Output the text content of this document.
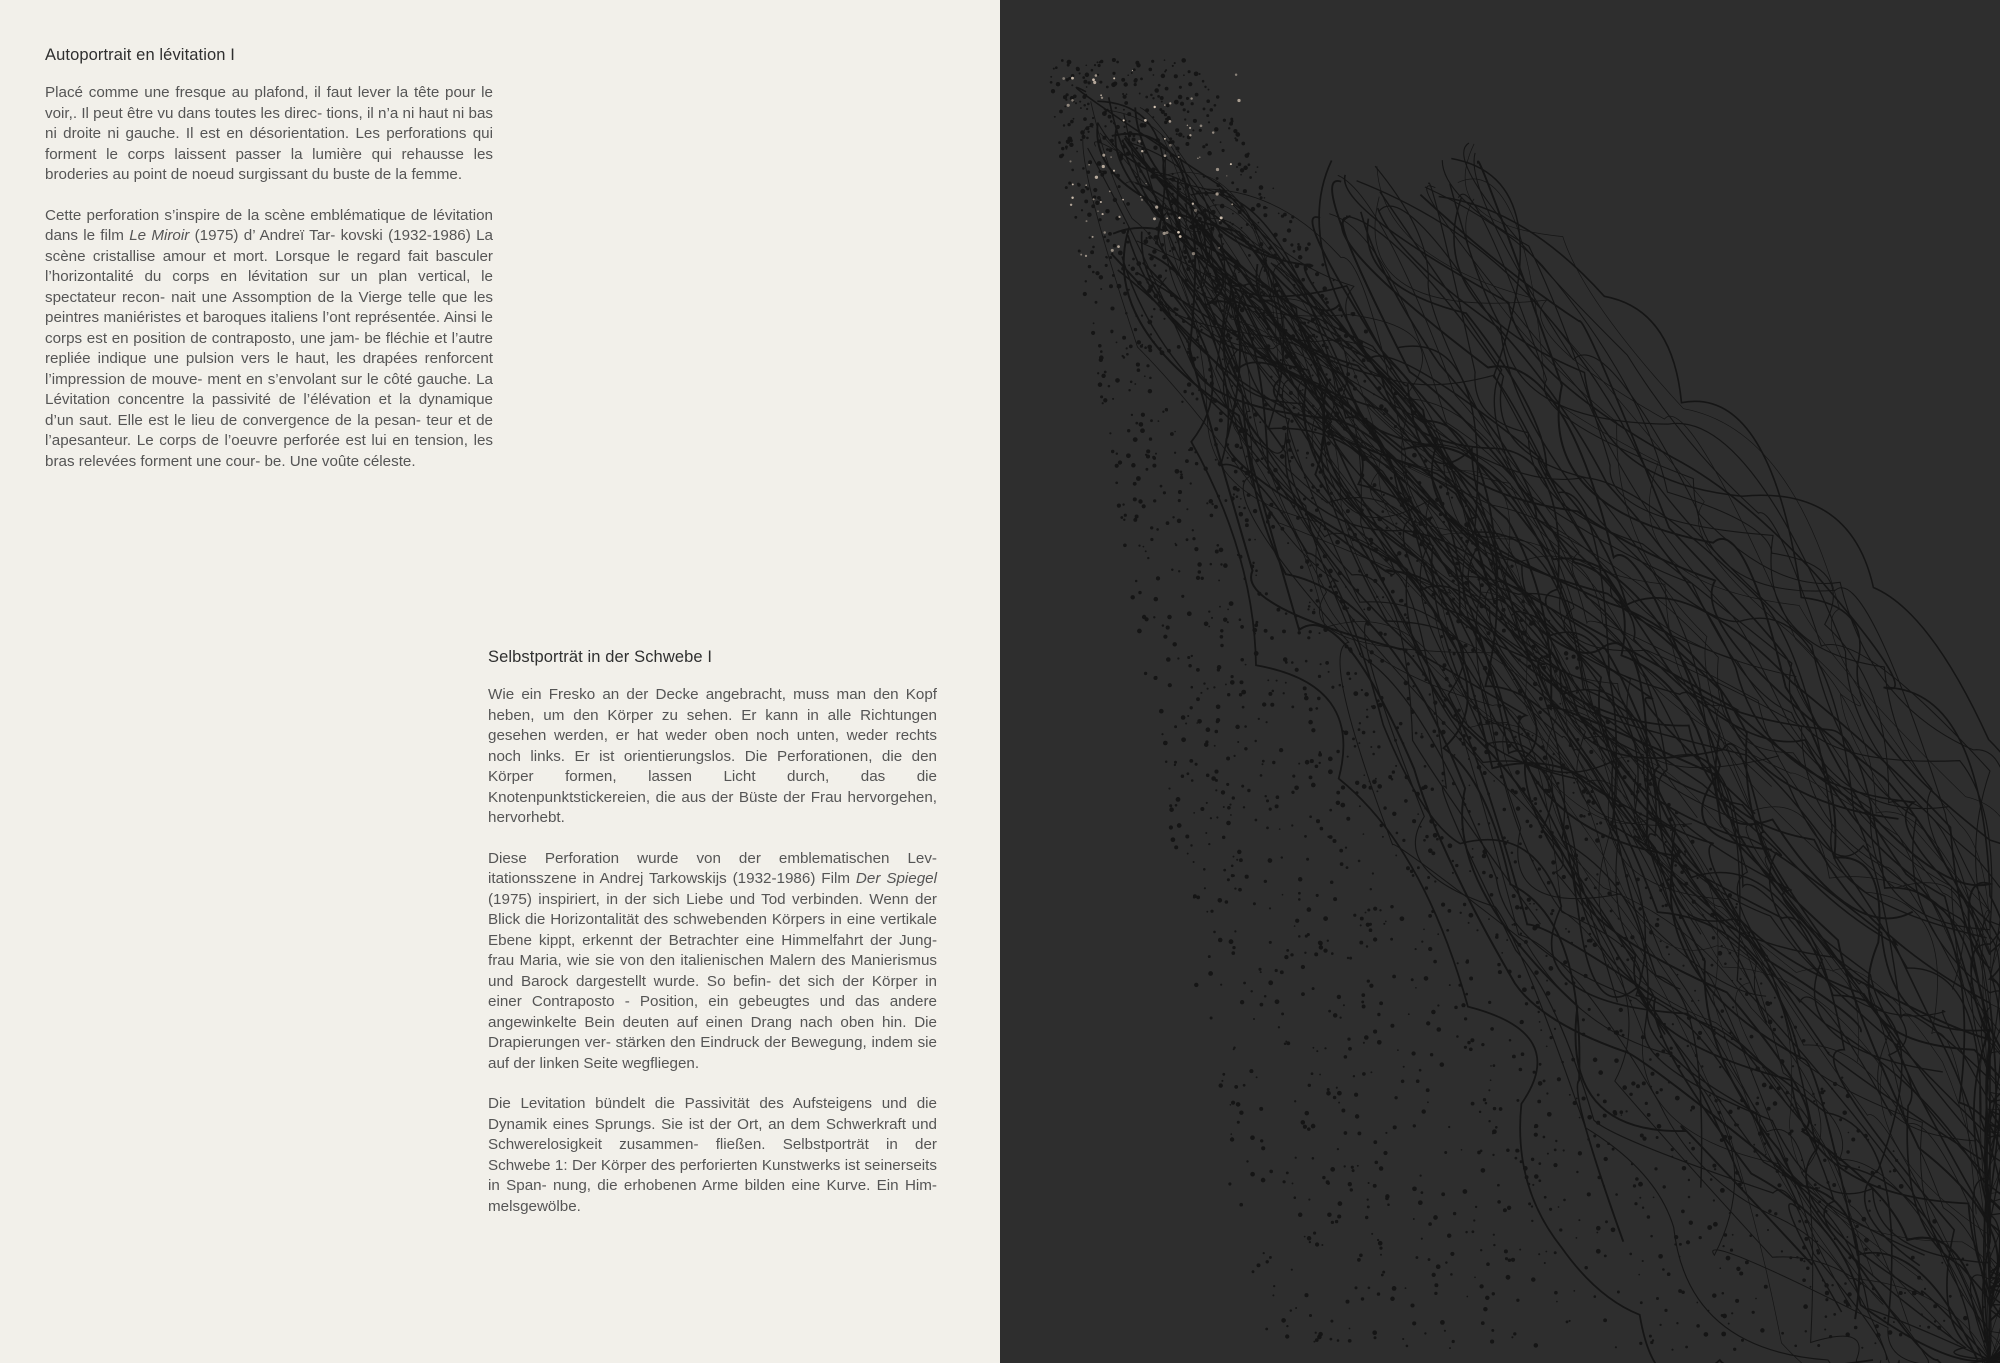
Autoportrait en lévitation I

Placé comme une fresque au plafond, il faut lever la tête pour le voir,. Il peut être vu dans toutes les direc- tions, il n’a ni haut ni bas ni droite ni gauche. Il est en désorientation. Les perforations qui forment le corps laissent passer la lumière qui rehausse les broderies au point de noeud surgissant du buste de la femme.

Cette perforation s’inspire de la scène emblématique de lévitation dans le film Le Miroir (1975) d’ Andreï Tar- kovski (1932-1986) La scène cristallise amour et mort. Lorsque le regard fait basculer l’horizontalité du corps en lévitation sur un plan vertical, le spectateur recon- nait une Assomption de la Vierge telle que les peintres maniéristes et baroques italiens l’ont représentée. Ainsi le corps est en position de contraposto, une jam- be fléchie et l’autre repliée indique une pulsion vers le haut, les drapées renforcent l’impression de mouve- ment en s’envolant sur le côté gauche. La Lévitation concentre la passivité de l’élévation et la dynamique d’un saut. Elle est le lieu de convergence de la pesan- teur et de l’apesanteur. Le corps de l’oeuvre perforée est lui en tension, les bras relevées forment une cour- be. Une voûte céleste.

Selbstporträt in der Schwebe I

Wie ein Fresko an der Decke angebracht, muss man den Kopf heben, um den Körper zu sehen. Er kann in alle Richtungen gesehen werden, er hat weder oben noch unten, weder rechts noch links. Er ist orientierungslos. Die Perforationen, die den Körper formen, lassen Licht durch, das die Knotenpunktstickereien, die aus der Büste der Frau hervorgehen, hervorhebt.

Diese Perforation wurde von der emblematischen Lev- itationsszene in Andrej Tarkowskijs (1932-1986) Film Der Spiegel (1975) inspiriert, in der sich Liebe und Tod verbinden. Wenn der Blick die Horizontalität des schwebenden Körpers in eine vertikale Ebene kippt, erkennt der Betrachter eine Himmelfahrt der Jung- frau Maria, wie sie von den italienischen Malern des Manierismus und Barock dargestellt wurde. So befin- det sich der Körper in einer Contraposto - Position, ein gebeugtes und das andere angewinkelte Bein deuten auf einen Drang nach oben hin. Die Drapierungen ver- stärken den Eindruck der Bewegung, indem sie auf der linken Seite wegfliegen.

Die Levitation bündelt die Passivität des Aufsteigens und die Dynamik eines Sprungs. Sie ist der Ort, an dem Schwerkraft und Schwerelosigkeit zusammen- fließen. Selbstporträt in der Schwebe 1: Der Körper des perforierten Kunstwerks ist seinerseits in Span- nung, die erhobenen Arme bilden eine Kurve. Ein Him- melsgewölbe.
